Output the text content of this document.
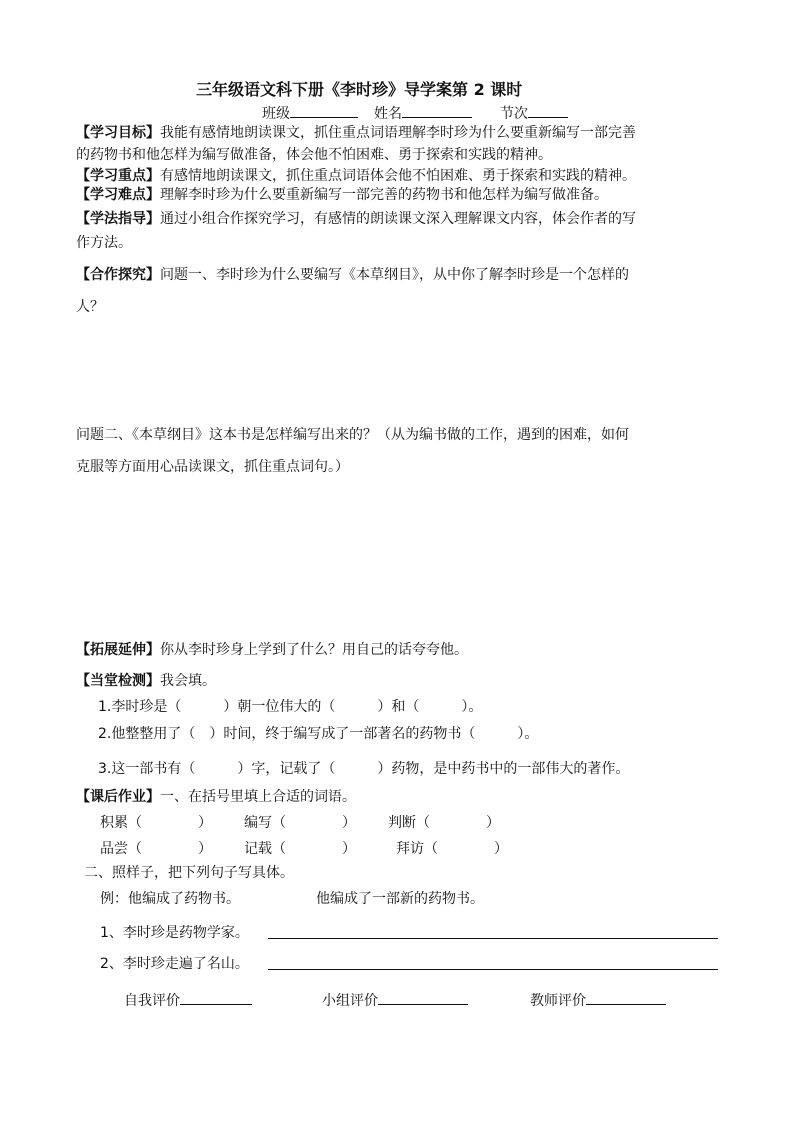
三年级语文科下册《李时珍》导学案第 2 课时
班级	姓名	节次
【学习目标】我能有感情地朗读课文，抓住重点词语理解李时珍为什么要重新编写一部完善
的药物书和他怎样为编写做准备，体会他不怕困难、勇于探索和实践的精神。
【学习重点】有感情地朗读课文，抓住重点词语体会他不怕困难、勇于探索和实践的精神。
【学习难点】理解李时珍为什么要重新编写一部完善的药物书和他怎样为编写做准备。
【学法指导】通过小组合作探究学习，有感情的朗读课文深入理解课文内容，体会作者的写
作方法。
【合作探究】问题一、李时珍为什么要编写《本草纲目》，从中你了解李时珍是一个怎样的
人？
问题二、《本草纲目》这本书是怎样编写出来的？（从为编书做的工作，遇到的困难，如何
克服等方面用心品读课文，抓住重点词句。）
【拓展延伸】你从李时珍身上学到了什么？用自己的话夸夸他。
【当堂检测】我会填。
1.李时珍是（　　　）朝一位伟大的（　　　）和（　　　）。
2.他整整用了（　）时间，终于编写成了一部著名的药物书（　　　）。
3.这一部书有（　　　）字，记载了（　　　）药物，是中药书中的一部伟大的著作。
【课后作业】一、在括号里填上合适的词语。
积累（　　　　） 编写（　　　　） 判断（　　　　）
品尝（　　　　） 记载（　　　　）	拜访（　　　　）
二、照样子，把下列句子写具体。
例：他编成了药物书。	他编成了一部新的药物书。
1、李时珍是药物学家。
2、李时珍走遍了名山。
自我评价	小组评价	教师评价
